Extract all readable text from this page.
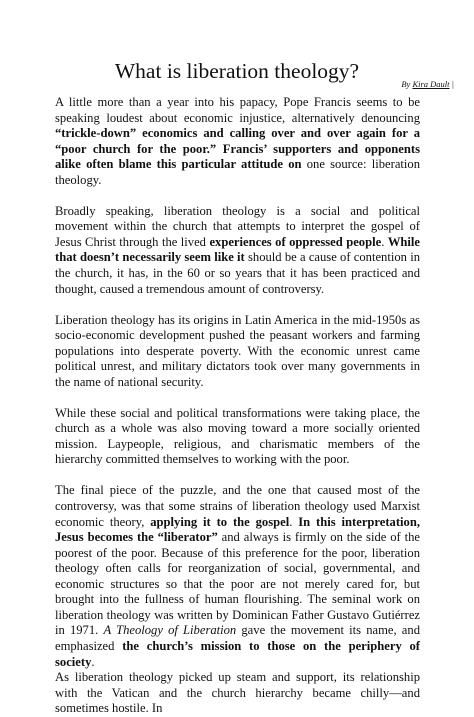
What is liberation theology?
By Kira Dault |

A little more than a year into his papacy, Pope Francis seems to be speaking loudest about economic injustice, alternatively denouncing “trickle-down” economics and calling over and over again for a “poor church for the poor.” Francis’ supporters and opponents alike often blame this particular attitude on one source: liberation theology.

Broadly speaking, liberation theology is a social and political movement within the church that attempts to interpret the gospel of Jesus Christ through the lived experiences of oppressed people. While that doesn’t necessarily seem like it should be a cause of contention in the church, it has, in the 60 or so years that it has been practiced and thought, caused a tremendous amount of controversy.

Liberation theology has its origins in Latin America in the mid-1950s as socio-economic development pushed the peasant workers and farming populations into desperate poverty. With the economic unrest came political unrest, and military dictators took over many governments in the name of national security.

While these social and political transformations were taking place, the church as a whole was also moving toward a more socially oriented mission. Laypeople, religious, and charismatic members of the hierarchy committed themselves to working with the poor.

The final piece of the puzzle, and the one that caused most of the controversy, was that some strains of liberation theology used Marxist economic theory, applying it to the gospel. In this interpretation, Jesus becomes the “liberator” and always is firmly on the side of the poorest of the poor. Because of this preference for the poor, liberation theology often calls for reorganization of social, governmental, and economic structures so that the poor are not merely cared for, but brought into the fullness of human flourishing. The seminal work on liberation theology was written by Dominican Father Gustavo Gutiérrez in 1971. A Theology of Liberation gave the movement its name, and emphasized the church’s mission to those on the periphery of society.

As liberation theology picked up steam and support, its relationship with the Vatican and the church hierarchy became chilly—and sometimes hostile. In
